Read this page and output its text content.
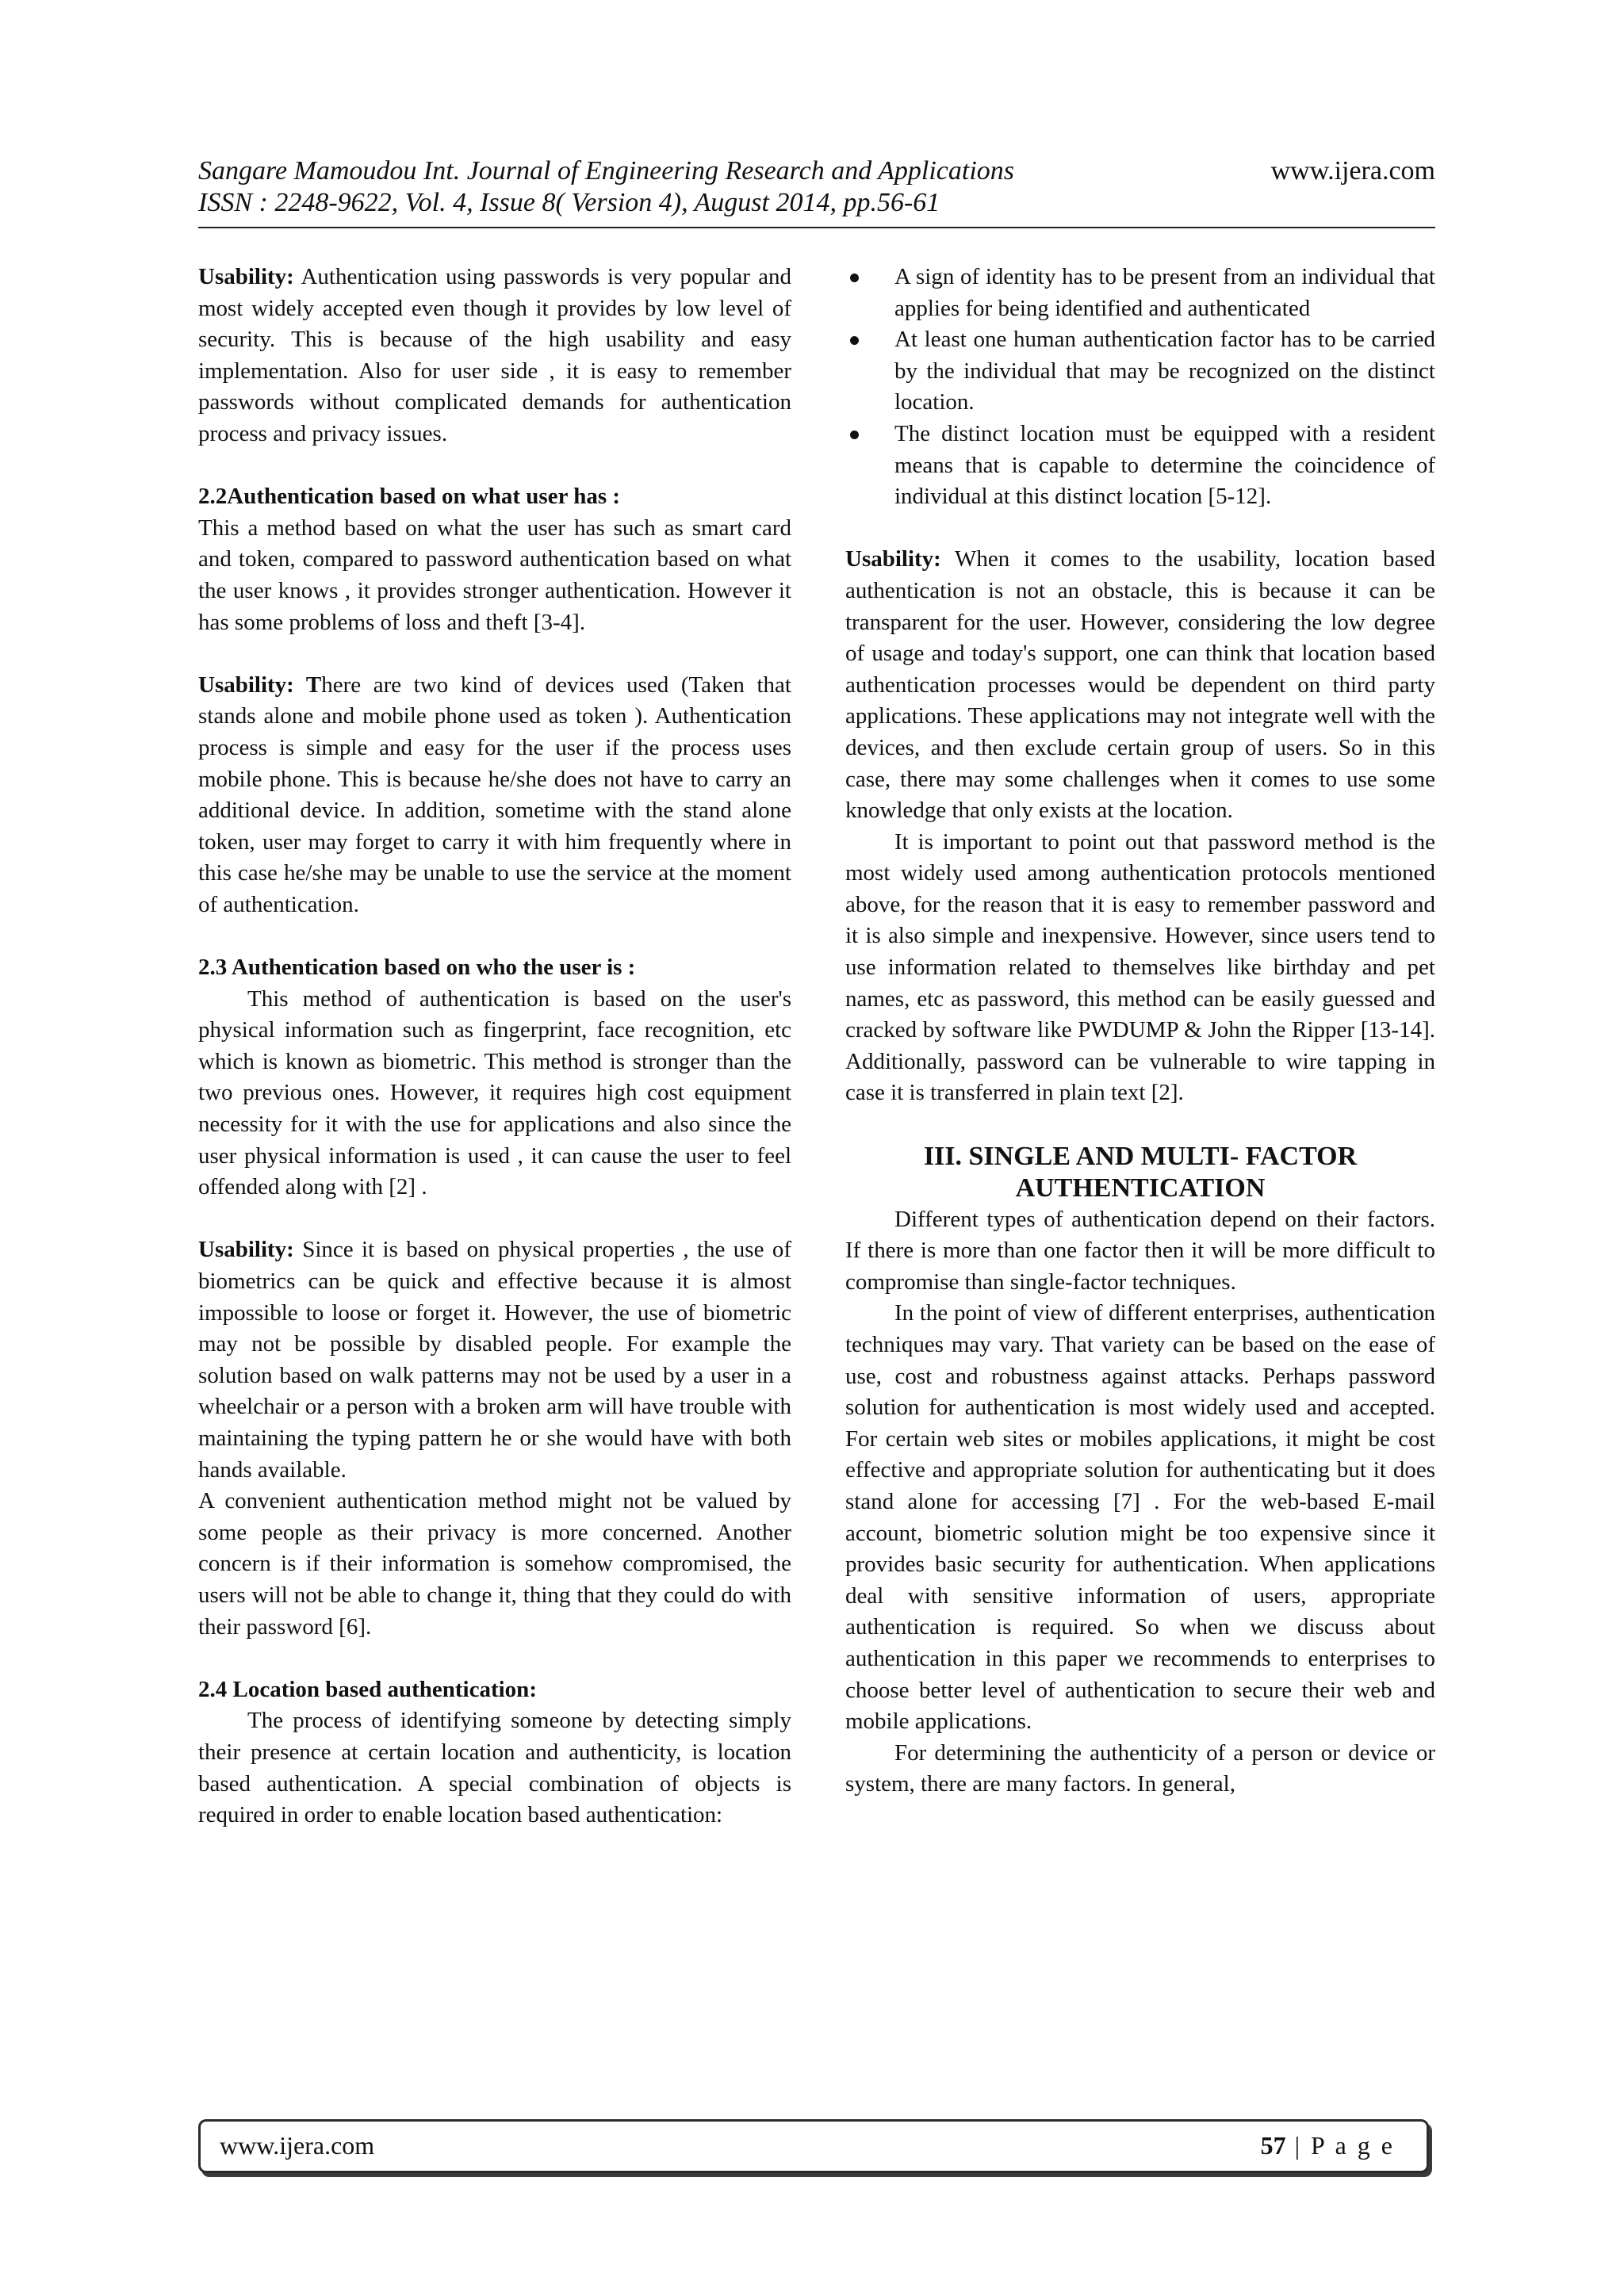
Sangare Mamoudou Int. Journal of Engineering Research and Applications	www.ijera.com
ISSN : 2248-9622, Vol. 4, Issue 8( Version 4), August 2014, pp.56-61

Usability: Authentication using passwords is very popular and most widely accepted even though it provides by low level of security. This is because of the high usability and easy implementation. Also for user side , it is easy to remember passwords without complicated demands for authentication process and privacy issues.

2.2Authentication based on what user has :

This a method based on what the user has such as smart card and token, compared to password authentication based on what the user knows , it provides stronger authentication. However it has some problems of loss and theft [3-4].

Usability: There are two kind of devices used (Taken that stands alone and mobile phone used as token ). Authentication process is simple and easy for the user if the process uses mobile phone. This is because he/she does not have to carry an additional device. In addition, sometime with the stand alone token, user may forget to carry it with him frequently where in this case he/she may be unable to use the service at the moment of authentication.

2.3 Authentication based on who the user is :

This method of authentication is based on the user's physical information such as fingerprint, face recognition, etc which is known as biometric. This method is stronger than the two previous ones. However, it requires high cost equipment necessity for it with the use for applications and also since the user physical information is used , it can cause the user to feel offended along with [2] .

Usability: Since it is based on physical properties , the use of biometrics can be quick and effective because it is almost impossible to loose or forget it. However, the use of biometric may not be possible by disabled people. For example the solution based on walk patterns may not be used by a user in a wheelchair or a person with a broken arm will have trouble with maintaining the typing pattern he or she would have with both hands available.

A convenient authentication method might not be valued by some people as their privacy is more concerned. Another concern is if their information is somehow compromised, the users will not be able to change it, thing that they could do with their password [6].

2.4 Location based authentication:

The process of identifying someone by detecting simply their presence at certain location and authenticity, is location based authentication. A special combination of objects is required in order to enable location based authentication:

A sign of identity has to be present from an individual that applies for being identified and authenticated
At least one human authentication factor has to be carried by the individual that may be recognized on the distinct location.
The distinct location must be equipped with a resident means that is capable to determine the coincidence of individual at this distinct location [5-12].

Usability: When it comes to the usability, location based authentication is not an obstacle, this is because it can be transparent for the user. However, considering the low degree of usage and today's support, one can think that location based authentication processes would be dependent on third party applications. These applications may not integrate well with the devices, and then exclude certain group of users. So in this case, there may some challenges when it comes to use some knowledge that only exists at the location.

It is important to point out that password method is the most widely used among authentication protocols mentioned above, for the reason that it is easy to remember password and it is also simple and inexpensive. However, since users tend to use information related to themselves like birthday and pet names, etc as password, this method can be easily guessed and cracked by software like PWDUMP & John the Ripper [13-14]. Additionally, password can be vulnerable to wire tapping in case it is transferred in plain text [2].

III. SINGLE AND MULTI- FACTOR

AUTHENTICATION

Different types of authentication depend on their factors. If there is more than one factor then it will be more difficult to compromise than single-factor techniques.

In the point of view of different enterprises, authentication techniques may vary. That variety can be based on the ease of use, cost and robustness against attacks. Perhaps password solution for authentication is most widely used and accepted. For certain web sites or mobiles applications, it might be cost effective and appropriate solution for authenticating but it does stand alone for accessing [7] . For the web-based E-mail account, biometric solution might be too expensive since it provides basic security for authentication. When applications deal with sensitive information of users, appropriate authentication is required. So when we discuss about authentication in this paper we recommends to enterprises to choose better level of authentication to secure their web and mobile applications.

For determining the authenticity of a person or device or system, there are many factors. In general,

www.ijera.com	57 | P a g e
